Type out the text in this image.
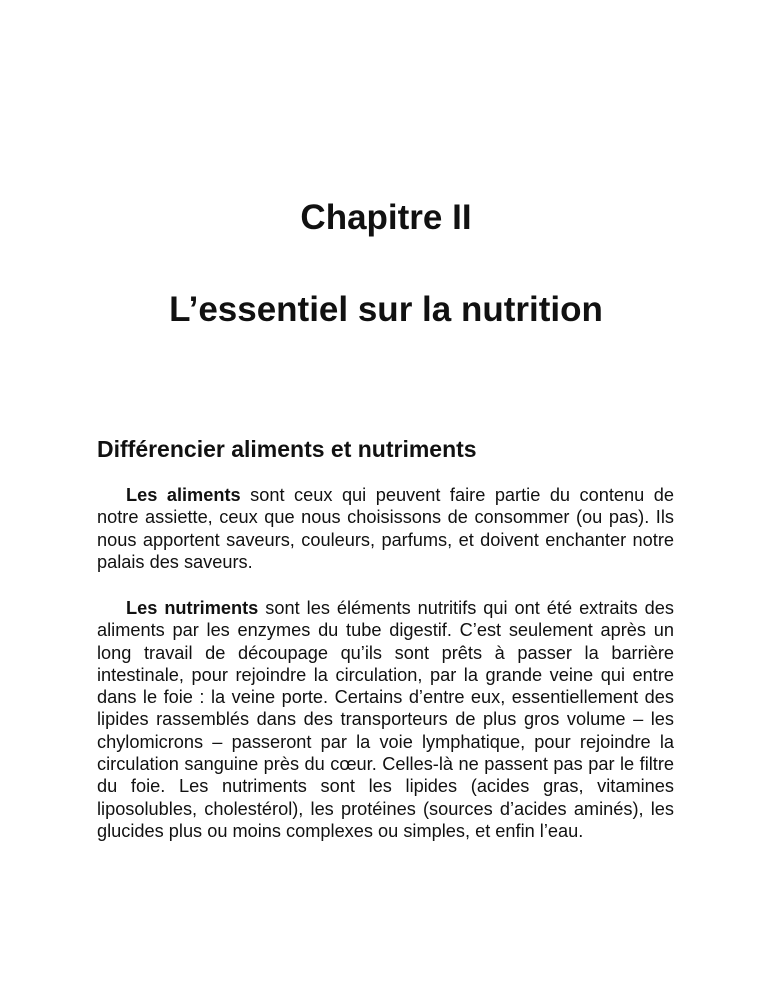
Chapitre II
L’essentiel sur la nutrition
Différencier aliments et nutriments

Les aliments sont ceux qui peuvent faire partie du contenu de notre assiette, ceux que nous choisissons de consommer (ou pas). Ils nous apportent saveurs, couleurs, parfums, et doivent enchanter notre palais des saveurs.

Les nutriments sont les éléments nutritifs qui ont été extraits des aliments par les enzymes du tube digestif. C’est seulement après un long travail de découpage qu’ils sont prêts à passer la barrière intestinale, pour rejoindre la circulation, par la grande veine qui entre dans le foie : la veine porte. Certains d’entre eux, essentiellement des lipides rassemblés dans des transporteurs de plus gros volume – les chylomicrons – passeront par la voie lymphatique, pour rejoindre la circulation sanguine près du cœur. Celles-là ne passent pas par le filtre du foie. Les nutriments sont les lipides (acides gras, vitamines liposolubles, cholestérol), les protéines (sources d’acides aminés), les glucides plus ou moins complexes ou simples, et enfin l’eau.
